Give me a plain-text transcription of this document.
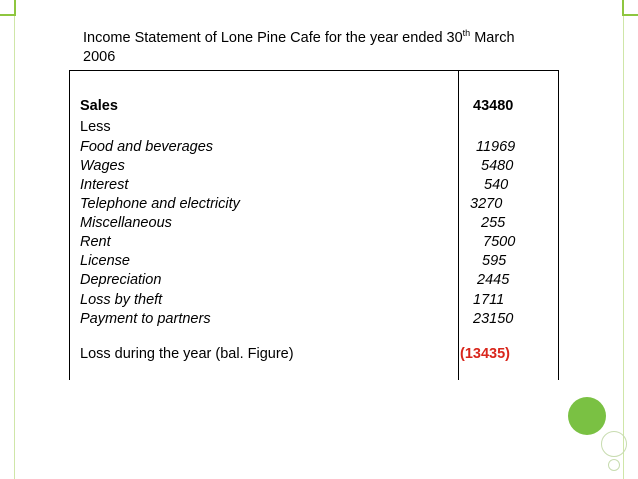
Income Statement of Lone Pine Cafe for the year ended 30th March
2006
Sales	43480
Less
Food and beverages	11969
Wages	5480
Interest	540
Telephone and electricity	3270
Miscellaneous	255
Rent	7500
License	595
Depreciation	2445
Loss by theft	1711
Payment to partners	23150
Loss during the year (bal. Figure)	(13435)
